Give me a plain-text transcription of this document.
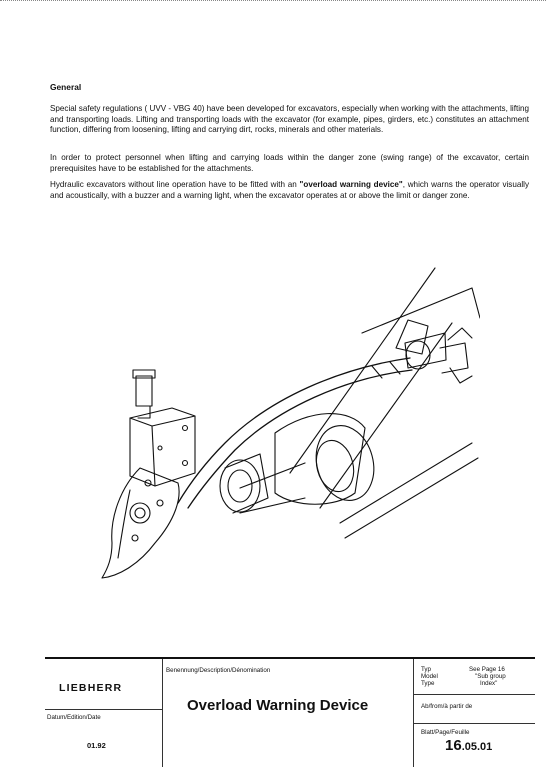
General

Special safety regulations ( UVV - VBG 40) have been developed for excavators, especially when working with the attachments, lifting and transporting loads. Lifting and transporting loads with the excavator (for example, pipes, girders, etc.) constitutes an attachment function, differing from loosening, lifting and carrying dirt, rocks, minerals and other materials.

In order to protect personnel when lifting and carrying loads within the danger zone (swing range) of the excavator, certain prerequisites have to be established for the attachments.

Hydraulic excavators without line operation have to be fitted with an "overload warning device", which warns the operator visually and acoustically, with a buzzer and a warning light, when the excavator operates at or above the limit or danger zone.

LIEBHERR
Datum/Edition/Date
01.92
Benennung/Description/Dénomination
Overload Warning Device
Typ
Model
Type
See Page 16
"Sub group
Index"
Ab/from/à partir de
Blatt/Page/Feuille
16.05.01
